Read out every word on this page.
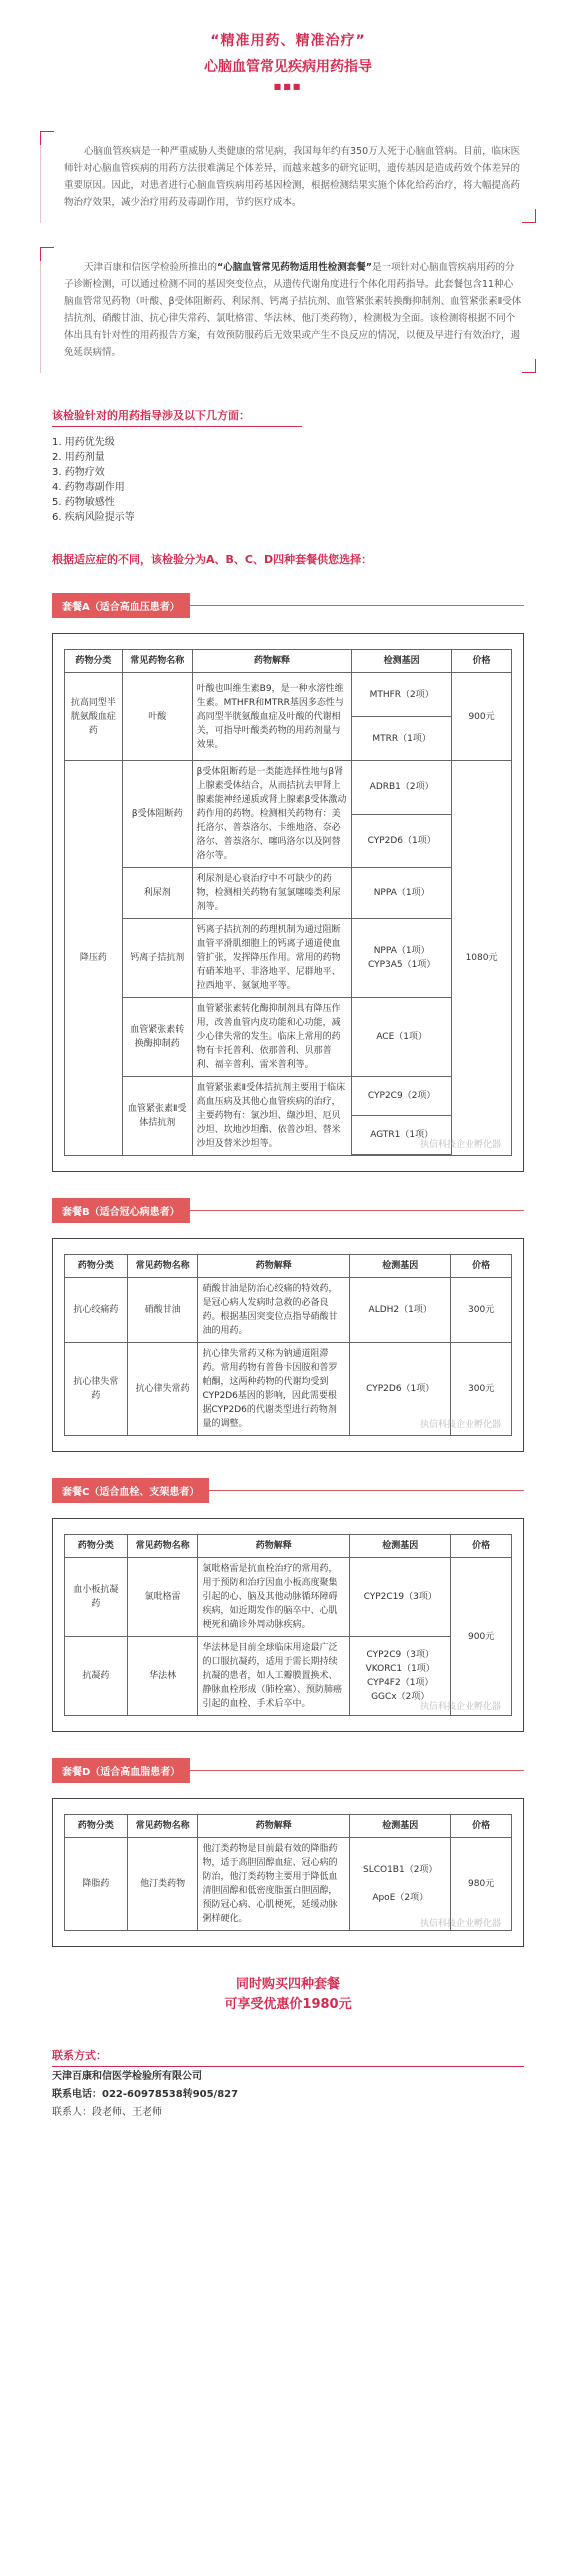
“精准用药、精准治疗”
心脑血管常见疾病用药指导
■■■
心脑血管疾病是一种严重威胁人类健康的常见病，我国每年约有350万人死于心脑血管病。目前，临床医师针对心脑血管疾病的用药方法很难满足个体差异，而越来越多的研究证明，遗传基因是造成药效个体差异的重要原因。因此，对患者进行心脑血管疾病用药基因检测，根据检测结果实施个体化给药治疗，将大幅提高药物治疗效果，减少治疗用药及毒副作用，节约医疗成本。
天津百康和信医学检验所推出的“心脑血管常见药物适用性检测套餐”是一项针对心脑血管疾病用药的分子诊断检测，可以通过检测不同的基因突变位点，从遗传代谢角度进行个体化用药指导。此套餐包含11种心脑血管常见药物（叶酸、β受体阻断药、利尿剂、钙离子拮抗剂、血管紧张素转换酶抑制剂、血管紧张素Ⅱ受体拮抗剂、硝酸甘油、抗心律失常药、氯吡格雷、华法林、他汀类药物），检测极为全面。该检测将根据不同个体出具有针对性的用药报告方案，有效预防服药后无效果或产生不良反应的情况，以便及早进行有效治疗，遏免延误病情。
该检验针对的用药指导涉及以下几方面：
1. 用药优先级
2. 用药剂量
3. 药物疗效
4. 药物毒副作用
5. 药物敏感性
6. 疾病风险提示等
根据适应症的不同，该检验分为A、B、C、D四种套餐供您选择：
套餐A（适合高血压患者）
药物分类	常见药物名称	药物解释	检测基因	价格
抗高同型半胱氨酸血症药	叶酸	叶酸也叫维生素B9，是一种水溶性维生素。MTHFR和MTRR基因多态性与高同型半胱氨酸血症及叶酸的代谢相关，可指导叶酸类药物的用药剂量与效果。	MTHFR（2项）	900元
			MTRR（1项）	
降压药	β受体阻断药	β受体阻断药是一类能选择性地与β肾上腺素受体结合，从而拮抗去甲肾上腺素能神经递质或肾上腺素β受体激动药作用的药物。检测相关药物有：美托洛尔、普萘洛尔、卡维地洛、奈必洛尔、普萘洛尔、噻吗洛尔以及阿替洛尔等。	ADRB1（2项）	1080元
			CYP2D6（1项）	
	利尿剂	利尿剂是心衰治疗中不可缺少的药物，检测相关药物有氢氯噻嗪类利尿剂等。	NPPA（1项）	
	钙离子拮抗剂	钙离子拮抗剂的药理机制为通过阻断血管平滑肌细胞上的钙离子通道使血管扩张，发挥降压作用。常用的药物有硝苯地平、非洛地平、尼群地平、拉西地平、氨氯地平等。	NPPA（1项）
CYP3A5（1项）	

	血管紧张素转换酶抑制药	血管紧张素转化酶抑制剂具有降压作用，改善血管内皮功能和心功能，减少心律失常的发生。临床上常用的药物有卡托普利、依那普利、贝那普利、福辛普利、雷米普利等。	ACE（1项）	
	血管紧张素Ⅱ受体拮抗剂	血管紧张素Ⅱ受体拮抗剂主要用于临床高血压病及其他心血管疾病的治疗，主要药物有：氯沙坦、缬沙坦、厄贝沙坦、坎地沙坦酯、依普沙坦、替米沙坦及替米沙坦等。	CYP2C9（2项）	
			AGTR1（1项）	

执信科技企业孵化器
套餐B（适合冠心病患者）
药物分类	常见药物名称	药物解释	检测基因	价格
抗心绞痛药	硝酸甘油	硝酸甘油是防治心绞痛的特效药，是冠心病人发病时急救的必备良药。根据基因突变位点指导硝酸甘油的用药。	ALDH2（1项）	300元
抗心律失常药	抗心律失常药	抗心律失常药又称为钠通道阻滞药。常用药物有普鲁卡因胺和普罗帕酮，这两种药物的代谢均受到CYP2D6基因的影响，因此需要根据CYP2D6的代谢类型进行药物剂量的调整。	CYP2D6（1项）	300元
执信科技企业孵化器
套餐C（适合血栓、支架患者）
药物分类	常见药物名称	药物解释	检测基因	价格
血小板抗凝药	氯吡格雷	氯吡格雷是抗血栓治疗的常用药，用于预防和治疗因血小板高度聚集引起的心、脑及其他动脉循环障碍疾病，如近期发作的脑卒中、心肌梗死和确诊外周动脉疾病。	CYP2C19（3项）	900元
抗凝药	华法林	华法林是目前全球临床用途最广泛的口服抗凝药，适用于需长期持续抗凝的患者，如人工瓣膜置换术、静脉血栓形成（肺栓塞）、预防肺癌引起的血栓、手术后卒中。	CYP2C9（3项）
VKORC1（1项）
CYP4F2（1项）
GGCx（2项）	
执信科技企业孵化器
套餐D（适合高血脂患者）
药物分类	常见药物名称	药物解释	检测基因	价格
降脂药	他汀类药物	他汀类药物是目前最有效的降脂药物，适于高胆固醇血症、冠心病的防治，他汀类药物主要用于降低血清胆固醇和低密度脂蛋白胆固醇，预防冠心病、心肌梗死，延缓动脉粥样硬化。	SLCO1B1（2项）
ApoE（2项）	980元
执信科技企业孵化器
同时购买四种套餐
可享受优惠价1980元
联系方式：
天津百康和信医学检验所有限公司
联系电话：022-60978538转905/827
联系人：段老师、王老师
